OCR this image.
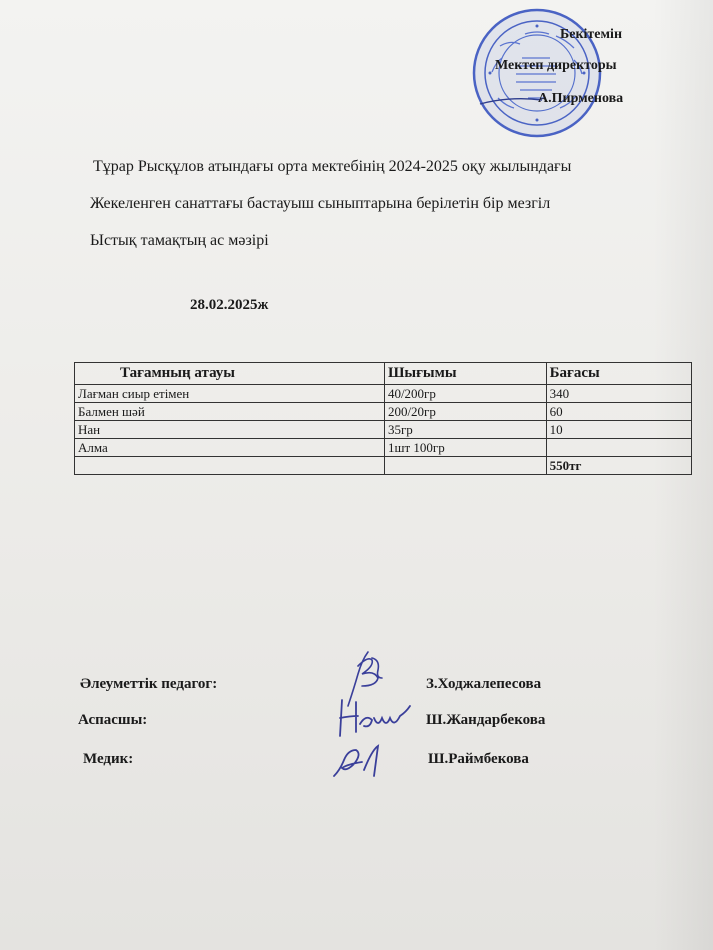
Бекітемін
Мектеп директоры
А.Пирменова
Тұрар Рысқұлов атындағы орта мектебінің 2024-2025 оқу жылындағы
Жекеленген санаттағы бастауыш сыныптарына берілетін бір мезгіл
Ыстық тамақтың ас мәзірі
28.02.2025ж
Тағамның атауы	Шығымы	Бағасы
Лағман сиыр етімен	40/200гр	340
Балмен шәй	200/20гр	60
Нан	35гр	10
Алма	1шт 100гр	
		550тг
Әлеуметтік педагог:	З.Ходжалепесова
Аспасшы:	Ш.Жандарбекова
Медик:	Ш.Раймбекова
